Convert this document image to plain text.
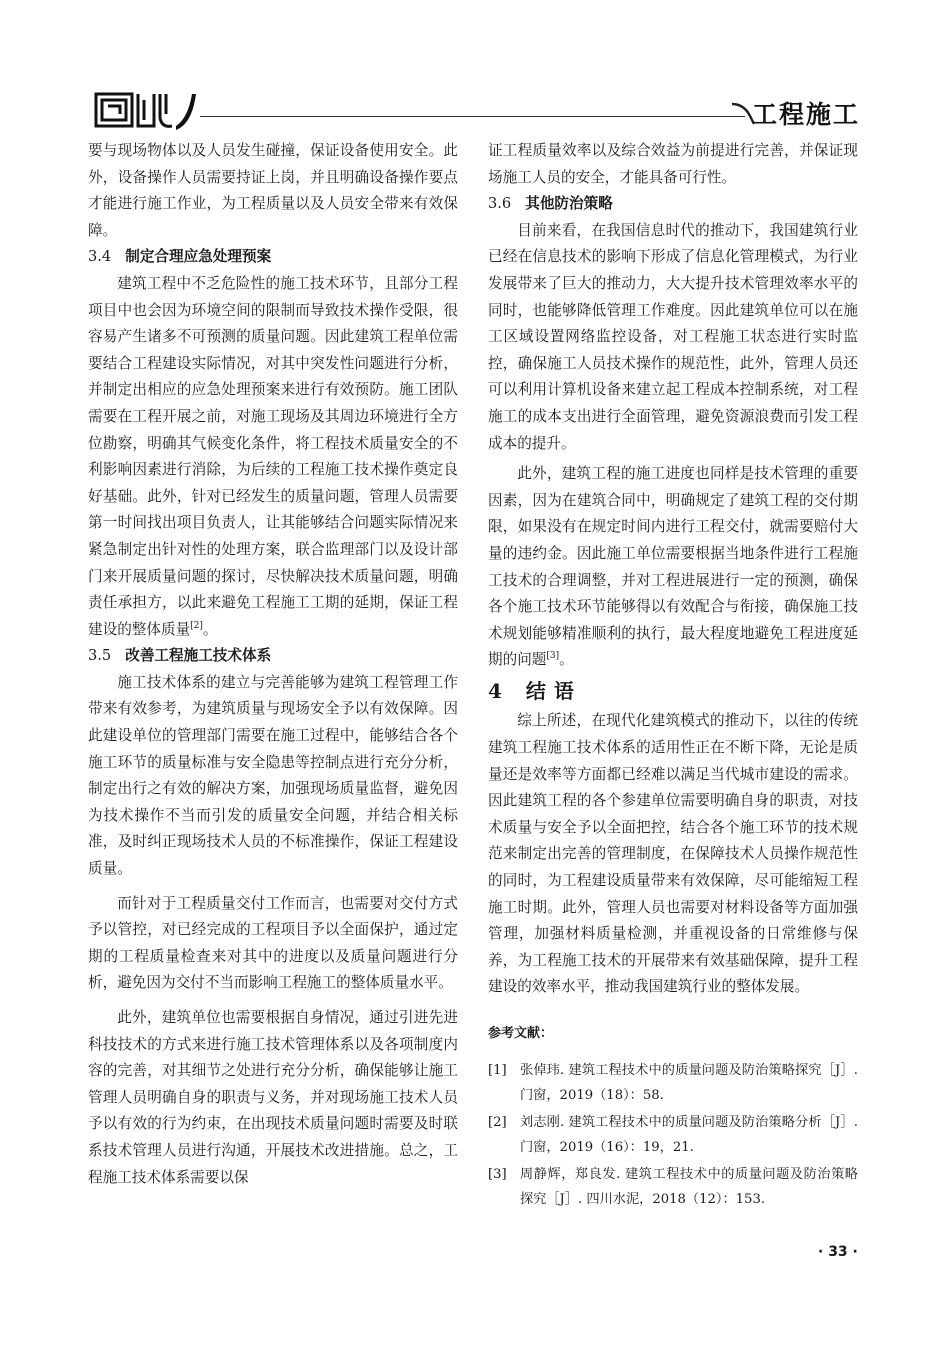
工程施工

要与现场物体以及人员发生碰撞，保证设备使用安全。此外，设备操作人员需要持证上岗，并且明确设备操作要点才能进行施工作业，为工程质量以及人员安全带来有效保障。

3.4 制定合理应急处理预案

建筑工程中不乏危险性的施工技术环节，且部分工程项目中也会因为环境空间的限制而导致技术操作受限，很容易产生诸多不可预测的质量问题。因此建筑工程单位需要结合工程建设实际情况，对其中突发性问题进行分析，并制定出相应的应急处理预案来进行有效预防。施工团队需要在工程开展之前，对施工现场及其周边环境进行全方位勘察，明确其气候变化条件，将工程技术质量安全的不利影响因素进行消除，为后续的工程施工技术操作奠定良好基础。此外，针对已经发生的质量问题，管理人员需要第一时间找出项目负责人，让其能够结合问题实际情况来紧急制定出针对性的处理方案，联合监理部门以及设计部门来开展质量问题的探讨，尽快解决技术质量问题，明确责任承担方，以此来避免工程施工工期的延期，保证工程建设的整体质量[2]。

3.5 改善工程施工技术体系

施工技术体系的建立与完善能够为建筑工程管理工作带来有效参考，为建筑质量与现场安全予以有效保障。因此建设单位的管理部门需要在施工过程中，能够结合各个施工环节的质量标准与安全隐患等控制点进行充分分析，制定出行之有效的解决方案，加强现场质量监督，避免因为技术操作不当而引发的质量安全问题，并结合相关标准，及时纠正现场技术人员的不标准操作，保证工程建设质量。

而针对于工程质量交付工作而言，也需要对交付方式予以管控，对已经完成的工程项目予以全面保护，通过定期的工程质量检查来对其中的进度以及质量问题进行分析，避免因为交付不当而影响工程施工的整体质量水平。

此外，建筑单位也需要根据自身情况，通过引进先进科技技术的方式来进行施工技术管理体系以及各项制度内容的完善，对其细节之处进行充分分析，确保能够让施工管理人员明确自身的职责与义务，并对现场施工技术人员予以有效的行为约束，在出现技术质量问题时需要及时联系技术管理人员进行沟通，开展技术改进措施。总之，工程施工技术体系需要以保

证工程质量效率以及综合效益为前提进行完善，并保证现场施工人员的安全，才能具备可行性。

3.6 其他防治策略

目前来看，在我国信息时代的推动下，我国建筑行业已经在信息技术的影响下形成了信息化管理模式，为行业发展带来了巨大的推动力，大大提升技术管理效率水平的同时，也能够降低管理工作难度。因此建筑单位可以在施工区域设置网络监控设备，对工程施工状态进行实时监控，确保施工人员技术操作的规范性，此外，管理人员还可以利用计算机设备来建立起工程成本控制系统，对工程施工的成本支出进行全面管理，避免资源浪费而引发工程成本的提升。

此外，建筑工程的施工进度也同样是技术管理的重要因素，因为在建筑合同中，明确规定了建筑工程的交付期限，如果没有在规定时间内进行工程交付，就需要赔付大量的违约金。因此施工单位需要根据当地条件进行工程施工技术的合理调整，并对工程进展进行一定的预测，确保各个施工技术环节能够得以有效配合与衔接，确保施工技术规划能够精准顺利的执行，最大程度地避免工程进度延期的问题[3]。

4 结语

综上所述，在现代化建筑模式的推动下，以往的传统建筑工程施工技术体系的适用性正在不断下降，无论是质量还是效率等方面都已经难以满足当代城市建设的需求。因此建筑工程的各个参建单位需要明确自身的职责，对技术质量与安全予以全面把控，结合各个施工环节的技术规范来制定出完善的管理制度，在保障技术人员操作规范性的同时，为工程建设质量带来有效保障，尽可能缩短工程施工时期。此外，管理人员也需要对材料设备等方面加强管理，加强材料质量检测，并重视设备的日常维修与保养，为工程施工技术的开展带来有效基础保障，提升工程建设的效率水平，推动我国建筑行业的整体发展。

参考文献：

[1]	张倬玮. 建筑工程技术中的质量问题及防治策略探究［J］. 门窗，2019（18）：58.
[2]	刘志刚. 建筑工程技术中的质量问题及防治策略分析［J］. 门窗，2019（16）：19，21.
[3]	周静辉，郑良发. 建筑工程技术中的质量问题及防治策略探究［J］. 四川水泥，2018（12）：153.
· 33 ·
